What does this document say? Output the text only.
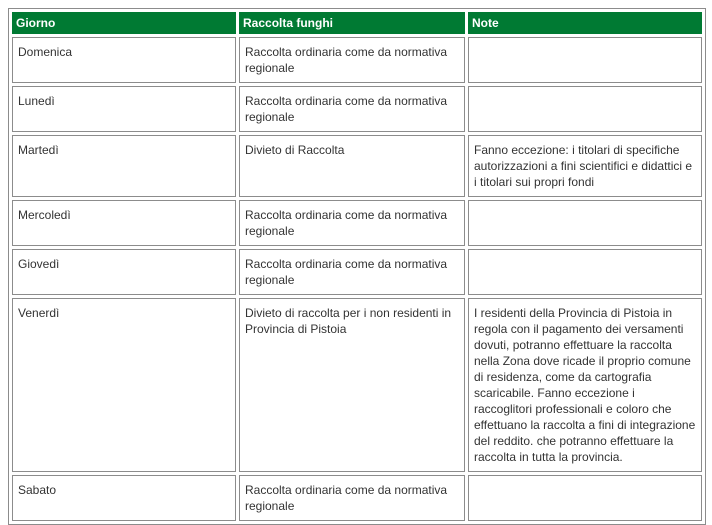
Giorno	Raccolta funghi	Note
Domenica	Raccolta ordinaria come da normativa regionale	
Lunedì	Raccolta ordinaria come da normativa regionale	
Martedì	Divieto di Raccolta	Fanno eccezione: i titolari di specifiche autorizzazioni a fini scientifici e didattici e i titolari sui propri fondi
Mercoledì	Raccolta ordinaria come da normativa regionale	
Giovedì	Raccolta ordinaria come da normativa regionale	
Venerdì	Divieto di raccolta per i non residenti in Provincia di Pistoia	I residenti della Provincia di Pistoia in regola con il pagamento dei versamenti dovuti, potranno effettuare la raccolta nella Zona dove ricade il proprio comune di residenza, come da cartografia scaricabile. Fanno eccezione i raccoglitori professionali e coloro che effettuano la raccolta a fini di integrazione del reddito. che potranno effettuare la raccolta in tutta la provincia.
Sabato	Raccolta ordinaria come da normativa regionale	
